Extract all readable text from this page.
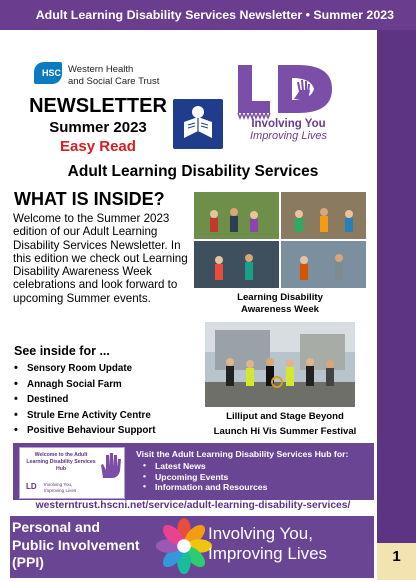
Adult Learning Disability Services Newsletter • Summer 2023
1
HSC Western Health
and Social Care Trust
NEWSLETTER
Summer 2023
Easy Read
Involving You
Improving Lives
Adult Learning Disability Services
WHAT IS INSIDE?
Welcome to the Summer 2023 edition of our Adult Learning Disability Services Newsletter. In this edition we check out Learning Disability Awareness Week celebrations and look forward to upcoming Summer events.	Learning Disability
Awareness Week
See inside for ...
• Sensory Room Update
• Annagh Social Farm
• Destined
• Strule Erne Activity Centre
• Positive Behaviour Support
Lilliput and Stage Beyond
Launch Hi Vis Summer Festival
Welcome to the Adult Learning Disability Services Hub
LD Involving You,
Improving Lives
Visit the Adult Learning Disability Services Hub for:
• Latest News
• Upcoming Events
• Information and Resources
westerntrust.hscni.net/service/adult-learning-disability-services/
Personal and
Public Involvement
(PPI)
Involving You,
Improving Lives
